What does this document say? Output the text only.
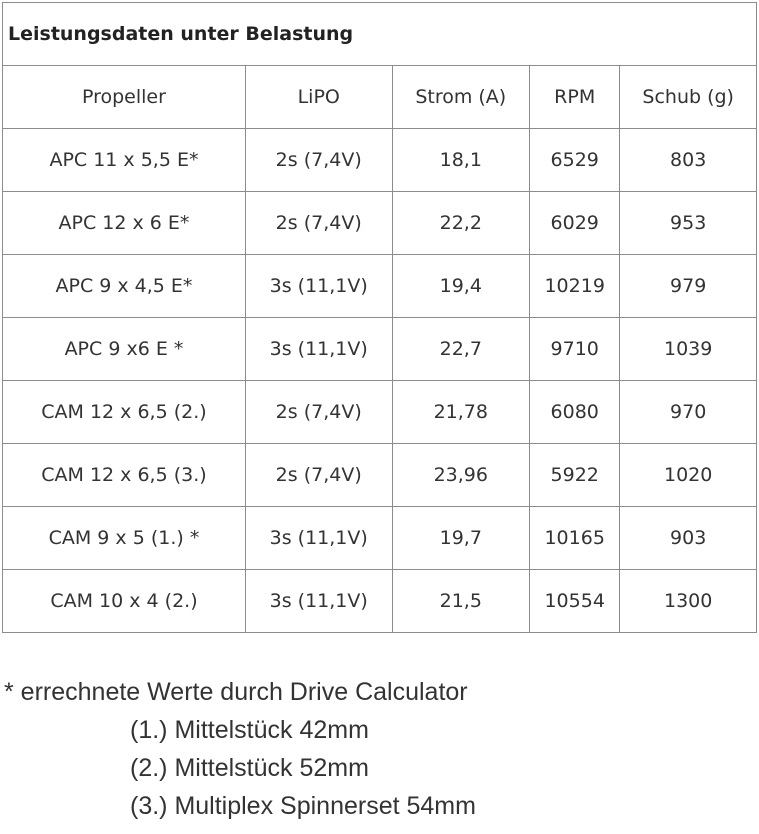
Leistungsdaten unter Belastung				
Propeller	LiPO	Strom (A)	RPM	Schub (g)
APC 11 x 5,5 E*	2s (7,4V)	18,1	6529	803
APC 12 x 6 E*	2s (7,4V)	22,2	6029	953
APC 9 x 4,5 E*	3s (11,1V)	19,4	10219	979
APC 9 x6 E *	3s (11,1V)	22,7	9710	1039
CAM 12 x 6,5 (2.)	2s (7,4V)	21,78	6080	970
CAM 12 x 6,5 (3.)	2s (7,4V)	23,96	5922	1020
CAM 9 x 5 (1.) *	3s (11,1V)	19,7	10165	903
CAM 10 x 4 (2.)	3s (11,1V)	21,5	10554	1300
* errechnete Werte durch Drive Calculator
(1.) Mittelstück 42mm
(2.) Mittelstück 52mm
(3.) Multiplex Spinnerset 54mm
